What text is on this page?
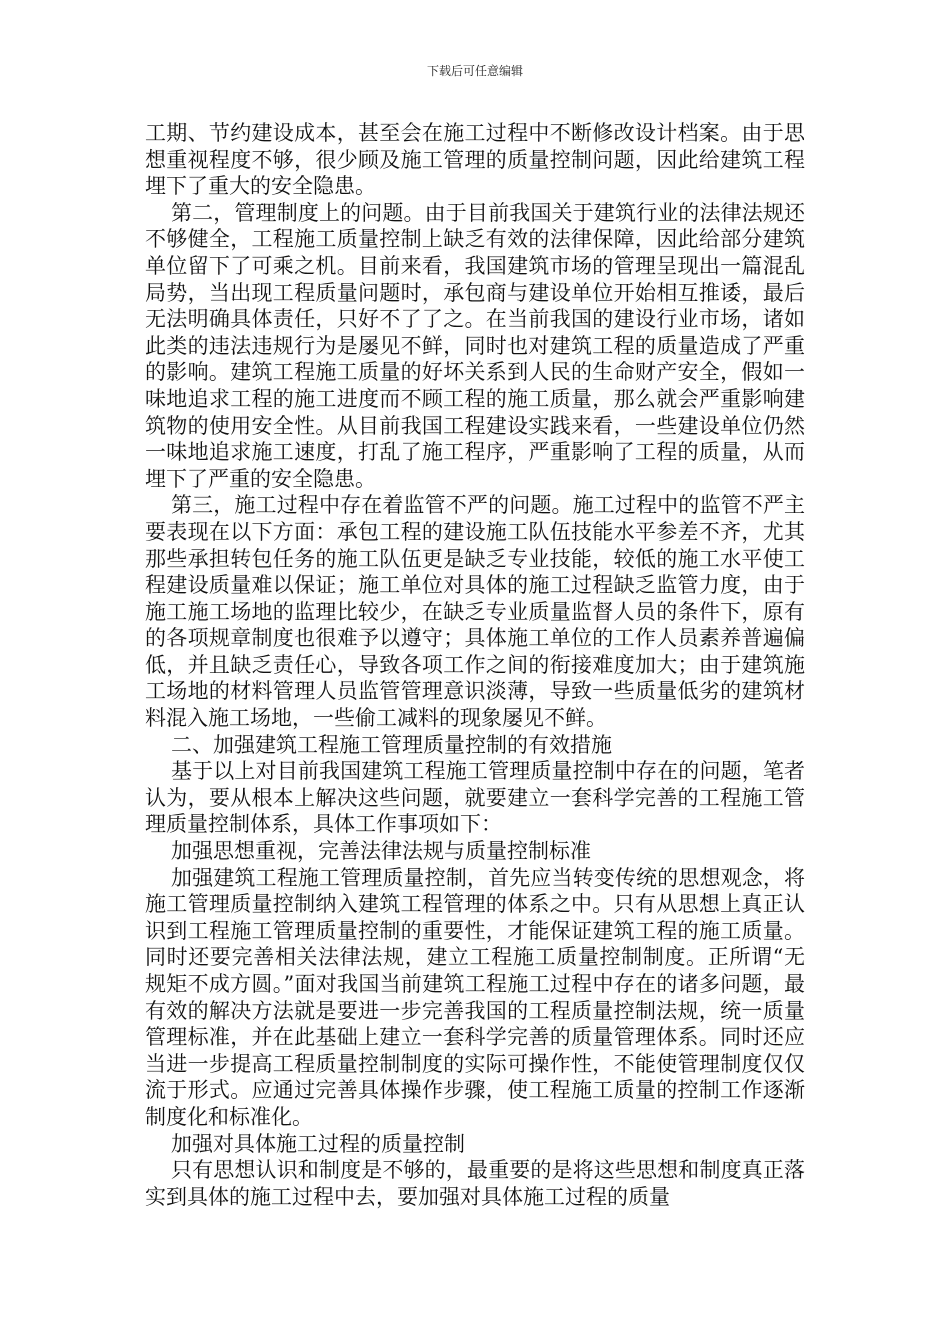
下载后可任意编辑

工期、节约建设成本，甚至会在施工过程中不断修改设计档案。由于思想重视程度不够，很少顾及施工管理的质量控制问题，因此给建筑工程埋下了重大的安全隐患。

第二，管理制度上的问题。由于目前我国关于建筑行业的法律法规还不够健全，工程施工质量控制上缺乏有效的法律保障，因此给部分建筑单位留下了可乘之机。目前来看，我国建筑市场的管理呈现出一篇混乱局势，当出现工程质量问题时，承包商与建设单位开始相互推诿，最后无法明确具体责任，只好不了了之。在当前我国的建设行业市场，诸如此类的违法违规行为是屡见不鲜，同时也对建筑工程的质量造成了严重的影响。建筑工程施工质量的好坏关系到人民的生命财产安全，假如一味地追求工程的施工进度而不顾工程的施工质量，那么就会严重影响建筑物的使用安全性。从目前我国工程建设实践来看，一些建设单位仍然一味地追求施工速度，打乱了施工程序，严重影响了工程的质量，从而埋下了严重的安全隐患。

第三，施工过程中存在着监管不严的问题。施工过程中的监管不严主要表现在以下方面：承包工程的建设施工队伍技能水平参差不齐，尤其那些承担转包任务的施工队伍更是缺乏专业技能，较低的施工水平使工程建设质量难以保证；施工单位对具体的施工过程缺乏监管力度，由于施工施工场地的监理比较少，在缺乏专业质量监督人员的条件下，原有的各项规章制度也很难予以遵守；具体施工单位的工作人员素养普遍偏低，并且缺乏责任心，导致各项工作之间的衔接难度加大；由于建筑施工场地的材料管理人员监管管理意识淡薄，导致一些质量低劣的建筑材料混入施工场地，一些偷工减料的现象屡见不鲜。

二、加强建筑工程施工管理质量控制的有效措施

基于以上对目前我国建筑工程施工管理质量控制中存在的问题，笔者认为，要从根本上解决这些问题，就要建立一套科学完善的工程施工管理质量控制体系，具体工作事项如下：

加强思想重视，完善法律法规与质量控制标准

加强建筑工程施工管理质量控制，首先应当转变传统的思想观念，将施工管理质量控制纳入建筑工程管理的体系之中。只有从思想上真正认识到工程施工管理质量控制的重要性，才能保证建筑工程的施工质量。同时还要完善相关法律法规，建立工程施工质量控制制度。正所谓“无规矩不成方圆。”面对我国当前建筑工程施工过程中存在的诸多问题，最有效的解决方法就是要进一步完善我国的工程质量控制法规，统一质量管理标准，并在此基础上建立一套科学完善的质量管理体系。同时还应当进一步提高工程质量控制制度的实际可操作性，不能使管理制度仅仅流于形式。应通过完善具体操作步骤，使工程施工质量的控制工作逐渐制度化和标准化。

加强对具体施工过程的质量控制

只有思想认识和制度是不够的，最重要的是将这些思想和制度真正落实到具体的施工过程中去，要加强对具体施工过程的质量
